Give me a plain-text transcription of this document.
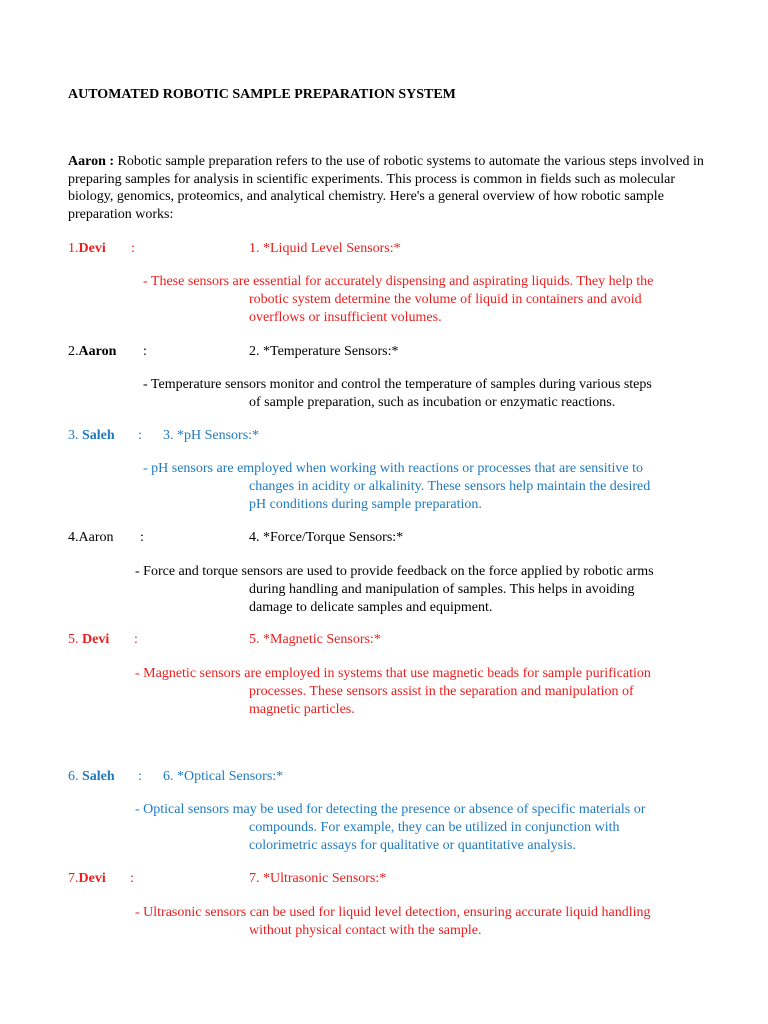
AUTOMATED ROBOTIC SAMPLE PREPARATION SYSTEM
Aaron : Robotic sample preparation refers to the use of robotic systems to automate the various steps involved in preparing samples for analysis in scientific experiments. This process is common in fields such as molecular biology, genomics, proteomics, and analytical chemistry. Here's a general overview of how robotic sample preparation works:
1.Devi :	1. *Liquid Level Sensors:*
- These sensors are essential for accurately dispensing and aspirating liquids. They help the
robotic system determine the volume of liquid in containers and avoid
overflows or insufficient volumes.
2.Aaron :	2. *Temperature Sensors:*
- Temperature sensors monitor and control the temperature of samples during various steps
of sample preparation, such as incubation or enzymatic reactions.
3. Saleh : 3. *pH Sensors:*
- pH sensors are employed when working with reactions or processes that are sensitive to
changes in acidity or alkalinity. These sensors help maintain the desired
pH conditions during sample preparation.
4.Aaron :	4. *Force/Torque Sensors:*
- Force and torque sensors are used to provide feedback on the force applied by robotic arms
during handling and manipulation of samples. This helps in avoiding
damage to delicate samples and equipment.
5. Devi :	5. *Magnetic Sensors:*
- Magnetic sensors are employed in systems that use magnetic beads for sample purification
processes. These sensors assist in the separation and manipulation of
magnetic particles.
6. Saleh : 6. *Optical Sensors:*
- Optical sensors may be used for detecting the presence or absence of specific materials or
compounds. For example, they can be utilized in conjunction with
colorimetric assays for qualitative or quantitative analysis.
7.Devi :	7. *Ultrasonic Sensors:*
- Ultrasonic sensors can be used for liquid level detection, ensuring accurate liquid handling
without physical contact with the sample.
